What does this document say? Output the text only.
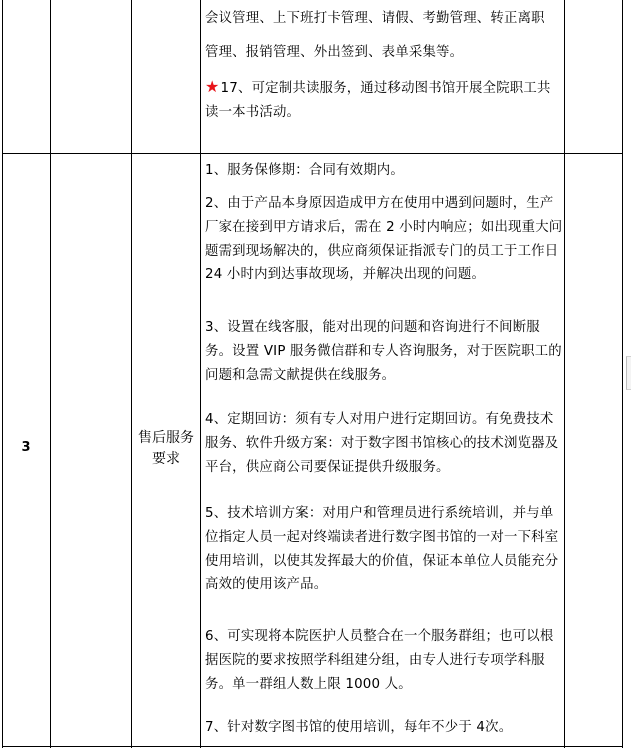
会议管理、上下班打卡管理、请假、考勤管理、转正离职
管理、报销管理、外出签到、表单采集等。
★17、可定制共读服务，通过移动图书馆开展全院职工共读一本书活动。
3
售后服务要求
1、服务保修期：合同有效期内。
2、由于产品本身原因造成甲方在使用中遇到问题时，生产厂家在接到甲方请求后，需在 2 小时内响应；如出现重大问题需到现场解决的，供应商须保证指派专门的员工于工作日 24 小时内到达事故现场，并解决出现的问题。
3、设置在线客服，能对出现的问题和咨询进行不间断服务。设置 VIP 服务微信群和专人咨询服务，对于医院职工的问题和急需文献提供在线服务。
4、定期回访：须有专人对用户进行定期回访。有免费技术服务、软件升级方案：对于数字图书馆核心的技术浏览器及平台，供应商公司要保证提供升级服务。
5、技术培训方案：对用户和管理员进行系统培训，并与单位指定人员一起对终端读者进行数字图书馆的一对一下科室使用培训，以使其发挥最大的价值，保证本单位人员能充分高效的使用该产品。
6、可实现将本院医护人员整合在一个服务群组；也可以根据医院的要求按照学科组建分组，由专人进行专项学科服务。单一群组人数上限 1000 人。
7、针对数字图书馆的使用培训，每年不少于 4次。
